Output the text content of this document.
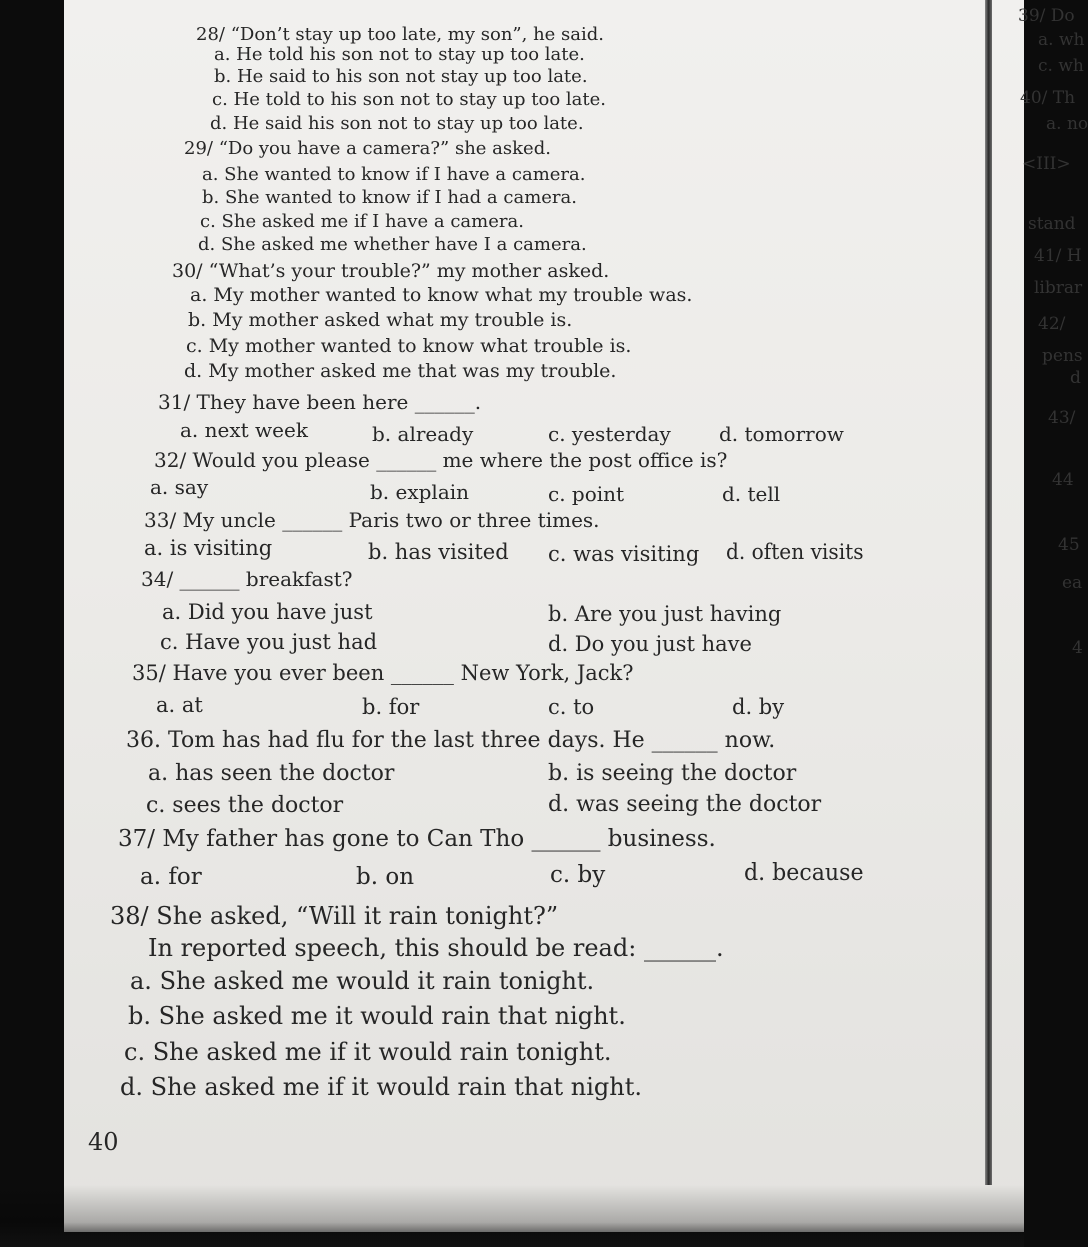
28/ “Don’t stay up too late, my son”, he said.
a. He told his son not to stay up too late.
b. He said to his son not stay up too late.
c. He told to his son not to stay up too late.
d. He said his son not to stay up too late.
29/ “Do you have a camera?” she asked.
a. She wanted to know if I have a camera.
b. She wanted to know if I had a camera.
c. She asked me if I have a camera.
d. She asked me whether have I a camera.
30/ “What’s your trouble?” my mother asked.
a. My mother wanted to know what my trouble was.
b. My mother asked what my trouble is.
c. My mother wanted to know what trouble is.
d. My mother asked me that was my trouble.
31/ They have been here ______.
a. next week	b. already	c. yesterday d. tomorrow
32/ Would you please ______ me where the post office is?
a. say	b. explain	c. point	d. tell
33/ My uncle ______ Paris two or three times.
a. is visiting	b. has visited c. was visiting d. often visits
34/ ______ breakfast?
a. Did you have just	b. Are you just having
c. Have you just had	d. Do you just have
35/ Have you ever been ______ New York, Jack?
a. at	b. for	c. to	d. by
36. Tom has had flu for the last three days. He ______ now.
a. has seen the doctor	b. is seeing the doctor
c. sees the doctor	d. was seeing the doctor
37/ My father has gone to Can Tho ______ business.
a. for	b. on	c. by	d. because
38/ She asked, “Will it rain tonight?”
In reported speech, this should be read: ______.
a. She asked me would it rain tonight.
b. She asked me it would rain that night.
c. She asked me if it would rain tonight.
d. She asked me if it would rain that night.
39/ Do
a. wh
c. wh
40/ Th
a. no
<III>
stand
41/ H
librar
42/
pens
d
43/
44
45
ea
4
40
